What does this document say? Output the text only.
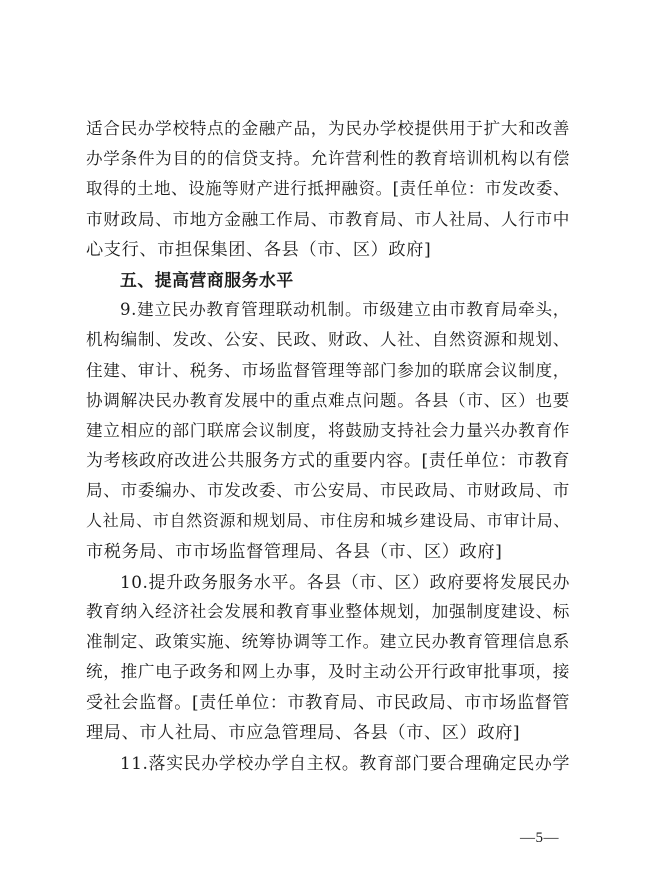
适合民办学校特点的金融产品，为民办学校提供用于扩大和改善
办学条件为目的的信贷支持。允许营利性的教育培训机构以有偿
取得的土地、设施等财产进行抵押融资。[责任单位：市发改委、
市财政局、市地方金融工作局、市教育局、市人社局、人行市中
心支行、市担保集团、各县（市、区）政府]
五、提高营商服务水平
9.建立民办教育管理联动机制。市级建立由市教育局牵头，
机构编制、发改、公安、民政、财政、人社、自然资源和规划、
住建、审计、税务、市场监督管理等部门参加的联席会议制度，
协调解决民办教育发展中的重点难点问题。各县（市、区）也要
建立相应的部门联席会议制度，将鼓励支持社会力量兴办教育作
为考核政府改进公共服务方式的重要内容。[责任单位：市教育
局、市委编办、市发改委、市公安局、市民政局、市财政局、市
人社局、市自然资源和规划局、市住房和城乡建设局、市审计局、
市税务局、市市场监督管理局、各县（市、区）政府]
10.提升政务服务水平。各县（市、区）政府要将发展民办
教育纳入经济社会发展和教育事业整体规划，加强制度建设、标
准制定、政策实施、统筹协调等工作。建立民办教育管理信息系
统，推广电子政务和网上办事，及时主动公开行政审批事项，接
受社会监督。[责任单位：市教育局、市民政局、市市场监督管
理局、市人社局、市应急管理局、各县（市、区）政府]
11.落实民办学校办学自主权。教育部门要合理确定民办学
—5—
